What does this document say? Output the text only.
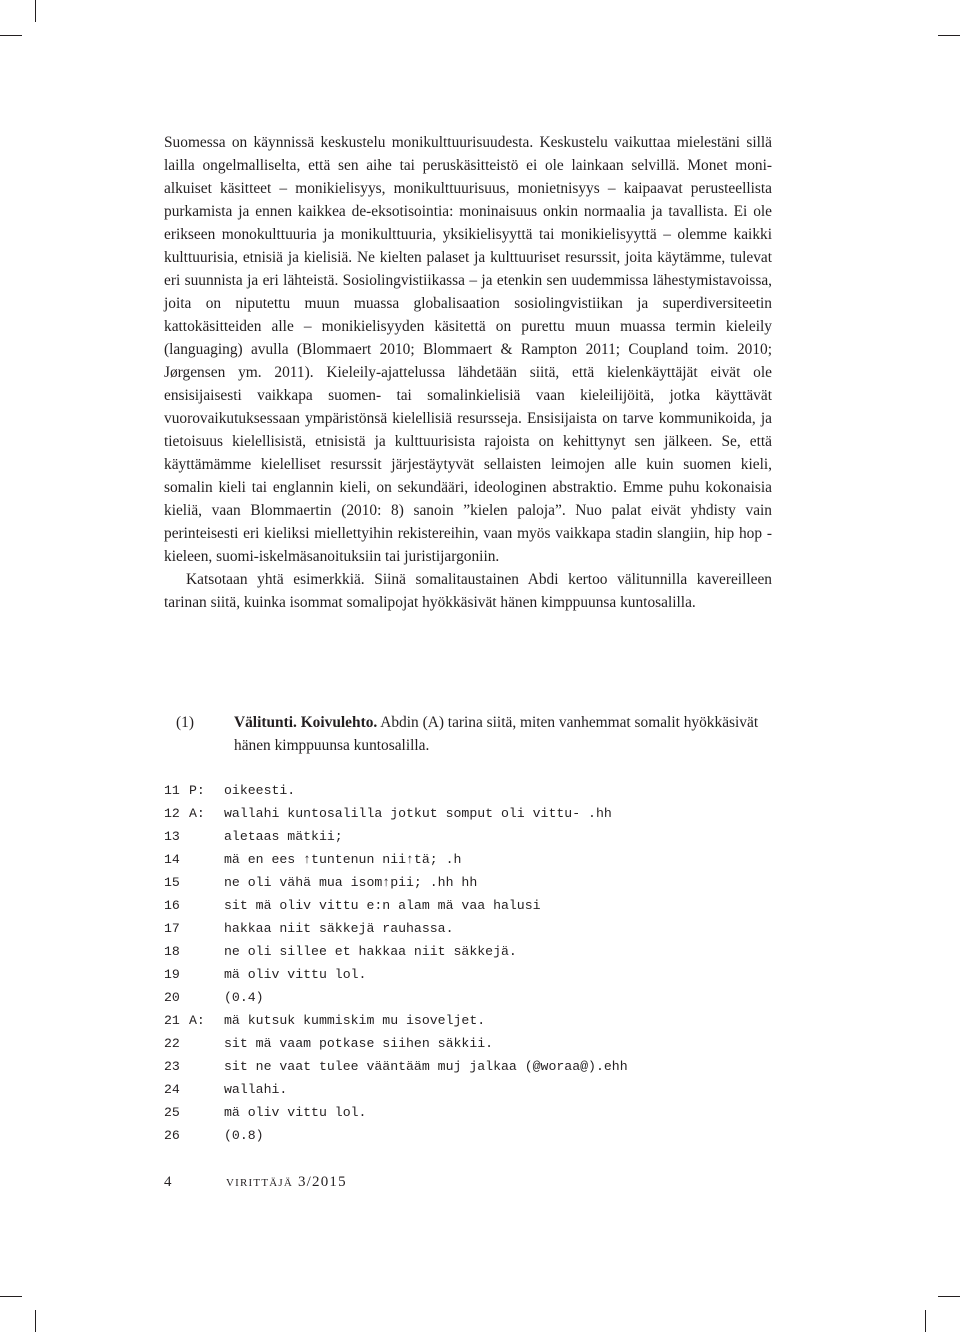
Suomessa on käynnissä keskustelu monikulttuurisuudesta. Keskustelu vaikuttaa mielestäni sillä lailla ongelmalliselta, että sen aihe tai peruskäsitteistö ei ole lainkaan selvillä. Monet moni-alkuiset käsitteet – monikielisyys, monikulttuurisuus, monietnisyys – kaipaavat perusteellista purkamista ja ennen kaikkea de-eksotisointia: moninaisuus onkin normaalia ja tavallista. Ei ole erikseen monokulttuuria ja monikulttuuria, yksikielisyyttä tai monikielisyyttä – olemme kaikki kulttuurisia, etnisiä ja kielisiä. Ne kielten palaset ja kulttuuriset resurssit, joita käytämme, tulevat eri suunnista ja eri lähteistä. Sosiolingvistiikassa – ja etenkin sen uudemmissa lähestymistavoissa, joita on niputettu muun muassa globalisaation sosiolingvistiikan ja superdiversiteetin kattokäsitteiden alle – monikielisyyden käsitettä on purettu muun muassa termin kieleily (languaging) avulla (Blommaert 2010; Blommaert & Rampton 2011; Coupland toim. 2010; Jørgensen ym. 2011). Kieleily-ajattelussa lähdetään siitä, että kielenkäyttäjät eivät ole ensisijaisesti vaikkapa suomen- tai somalinkielisiä vaan kieleilijöitä, jotka käyttävät vuorovaikutuksessaan ympäristönsä kielellisiä resursseja. Ensisijaista on tarve kommunikoida, ja tietoisuus kielellisistä, etnisistä ja kulttuurisista rajoista on kehittynyt sen jälkeen. Se, että käyttämämme kielelliset resurssit järjestäytyvät sellaisten leimojen alle kuin suomen kieli, somalin kieli tai englannin kieli, on sekundääri, ideologinen abstraktio. Emme puhu kokonaisia kieliä, vaan Blommaertin (2010: 8) sanoin ”kielen paloja”. Nuo palat eivät yhdisty vain perinteisesti eri kieliksi miellettyihin rekistereihin, vaan myös vaikkapa stadin slangiin, hip hop -kieleen, suomi-iskelmäsanoituksiin tai juristijargoniin.

Katsotaan yhtä esimerkkiä. Siinä somalitaustainen Abdi kertoo välitunnilla kavereilleen tarinan siitä, kuinka isommat somalipojat hyökkäsivät hänen kimppuunsa kuntosalilla.

(1)	Välitunti. Koivulehto. Abdin (A) tarina siitä, miten vanhemmat somalit hyökkäsivät hänen kimppuunsa kuntosalilla.
11 P: oikeesti.
12 A: wallahi kuntosalilla jotkut somput oli vittu- .hh
13	aletaas mätkii;
14	mä en ees ↑tuntenun nii↑tä; .h
15	ne oli vähä mua isom↑pii; .hh hh
16	sit mä oliv vittu e:n alam mä vaa halusi
17	hakkaa niit säkkejä rauhassa.
18	ne oli sillee et hakkaa niit säkkejä.
19	mä oliv vittu lol.
20	(0.4)
21 A: mä kutsuk kummiskim mu isoveljet.
22	sit mä vaam potkase siihen säkkii.
23	sit ne vaat tulee vääntääm muj jalkaa (@woraa@).ehh
24	wallahi.
25	mä oliv vittu lol.
26	(0.8)
4	virittäjä 3/2015
